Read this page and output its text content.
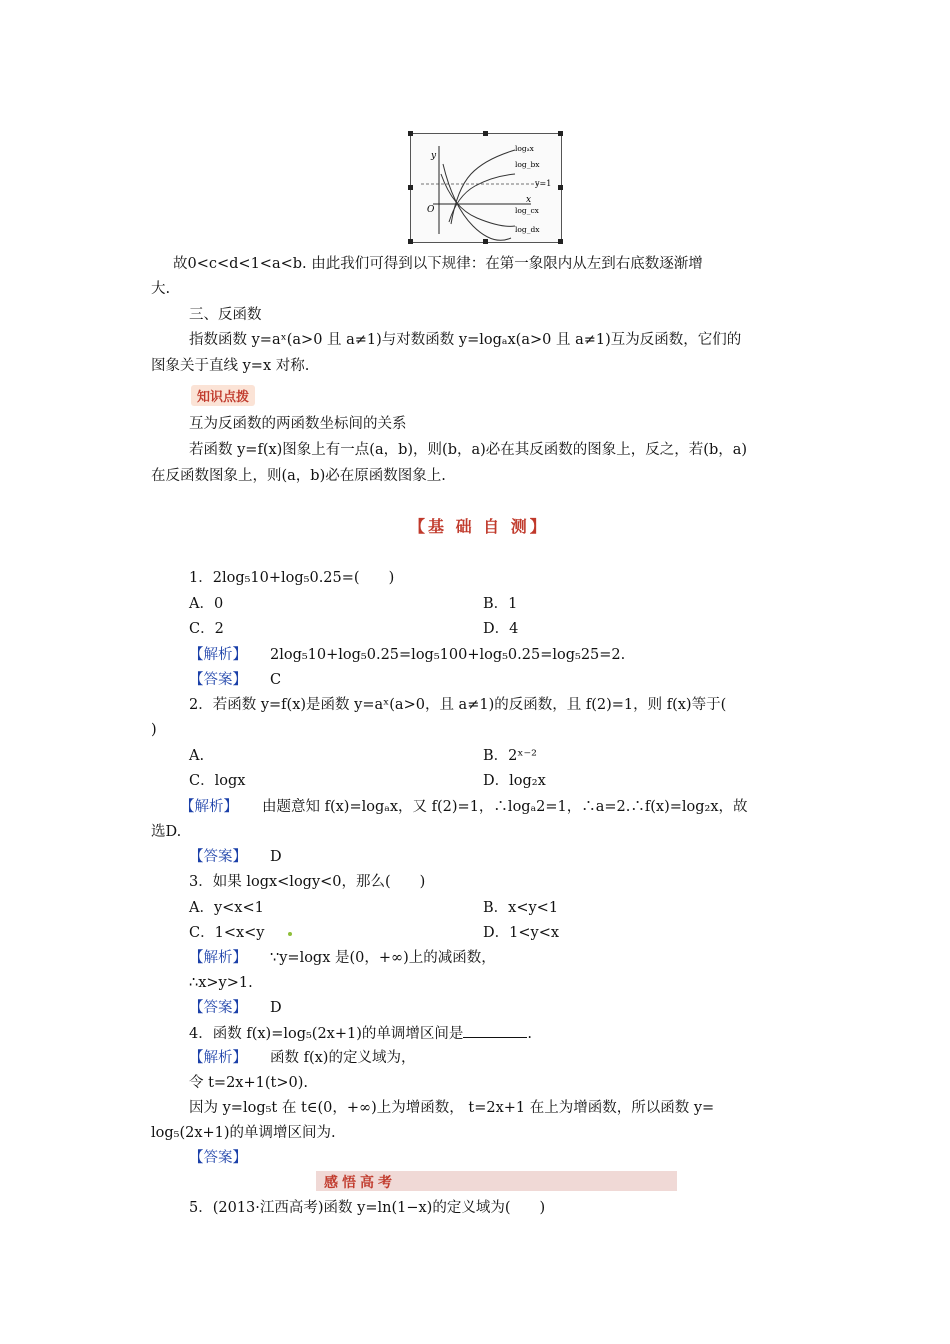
y
x
O
y=1
logₐx
log_bx
log_cx
log_dx
故0<c<d<1<a<b. 由此我们可得到以下规律：在第一象限内从左到右底数逐渐增
大.
三、反函数
指数函数 y=aˣ(a>0 且 a≠1)与对数函数 y=logₐx(a>0 且 a≠1)互为反函数，它们的
图象关于直线 y=x 对称.
知识点拨
互为反函数的两函数坐标间的关系
若函数 y=f(x)图象上有一点(a，b)，则(b，a)必在其反函数的图象上，反之，若(b，a)
在反函数图象上，则(a，b)必在原函数图象上.
【基 础 自 测】
1．2log₅10+log₅0.25=(　　)
A．0	B．1
C．2	D．4
【解析】 2log₅10+log₅0.25=log₅100+log₅0.25=log₅25=2.
【答案】 C
2．若函数 y=f(x)是函数 y=aˣ(a>0，且 a≠1)的反函数，且 f(2)=1，则 f(x)等于(
)
A.	B．2ˣ⁻²
C．logx	D．log₂x
【解析】 由题意知 f(x)=logₐx，又 f(2)=1，∴logₐ2=1，∴a=2.∴f(x)=log₂x，故
选D.
【答案】 D
3．如果 logx<logy<0，那么(　　)
A．y<x<1	B．x<y<1
C．1<x<y	D．1<y<x
【解析】 ∵y=logx 是(0，+∞)上的减函数，
∴x>y>1.
【答案】 D
4．函数 f(x)=log₅(2x+1)的单调增区间是	.
【解析】 函数 f(x)的定义域为，
令 t=2x+1(t>0).
因为 y=log₅t 在 t∈(0，+∞)上为增函数， t=2x+1 在上为增函数，所以函数 y=
log₅(2x+1)的单调增区间为.
【答案】
感悟高考
5．(2013·江西高考)函数 y=ln(1−x)的定义域为(　　)
